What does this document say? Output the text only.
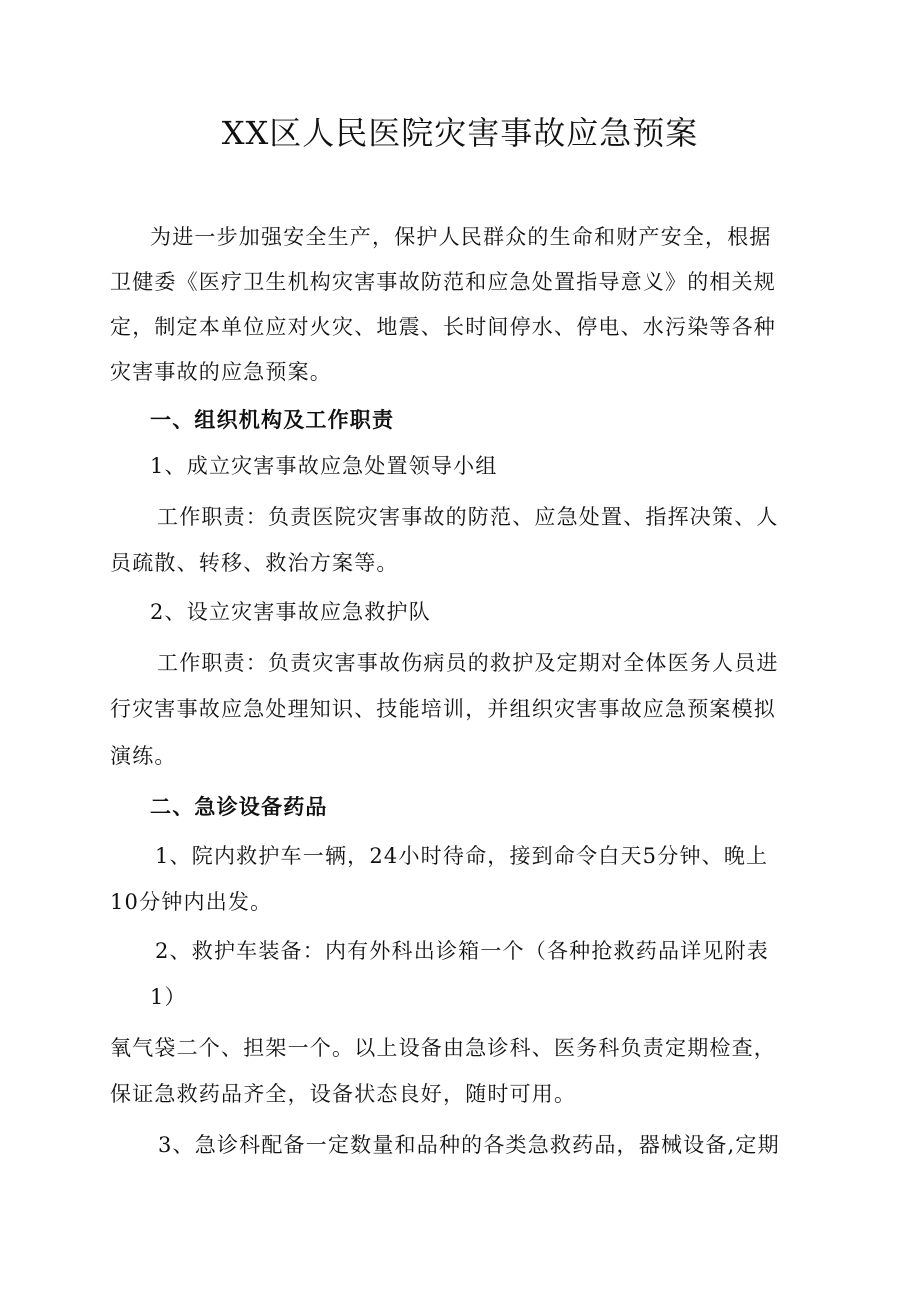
XX区人民医院灾害事故应急预案
为进一步加强安全生产，保护人民群众的生命和财产安全，根据
卫健委《医疗卫生机构灾害事故防范和应急处置指导意义》的相关规
定，制定本单位应对火灾、地震、长时间停水、停电、水污染等各种
灾害事故的应急预案。
一、组织机构及工作职责
1、成立灾害事故应急处置领导小组
工作职责：负责医院灾害事故的防范、应急处置、指挥决策、人
员疏散、转移、救治方案等。
2、设立灾害事故应急救护队
工作职责：负责灾害事故伤病员的救护及定期对全体医务人员进
行灾害事故应急处理知识、技能培训，并组织灾害事故应急预案模拟
演练。
二、急诊设备药品
1、院内救护车一辆，24小时待命，接到命令白天5分钟、晚上
10分钟内出发。
2、救护车装备：内有外科出诊箱一个（各种抢救药品详见附表
1）
氧气袋二个、担架一个。以上设备由急诊科、医务科负责定期检查，
保证急救药品齐全，设备状态良好，随时可用。
3、急诊科配备一定数量和品种的各类急救药品，器械设备,定期
